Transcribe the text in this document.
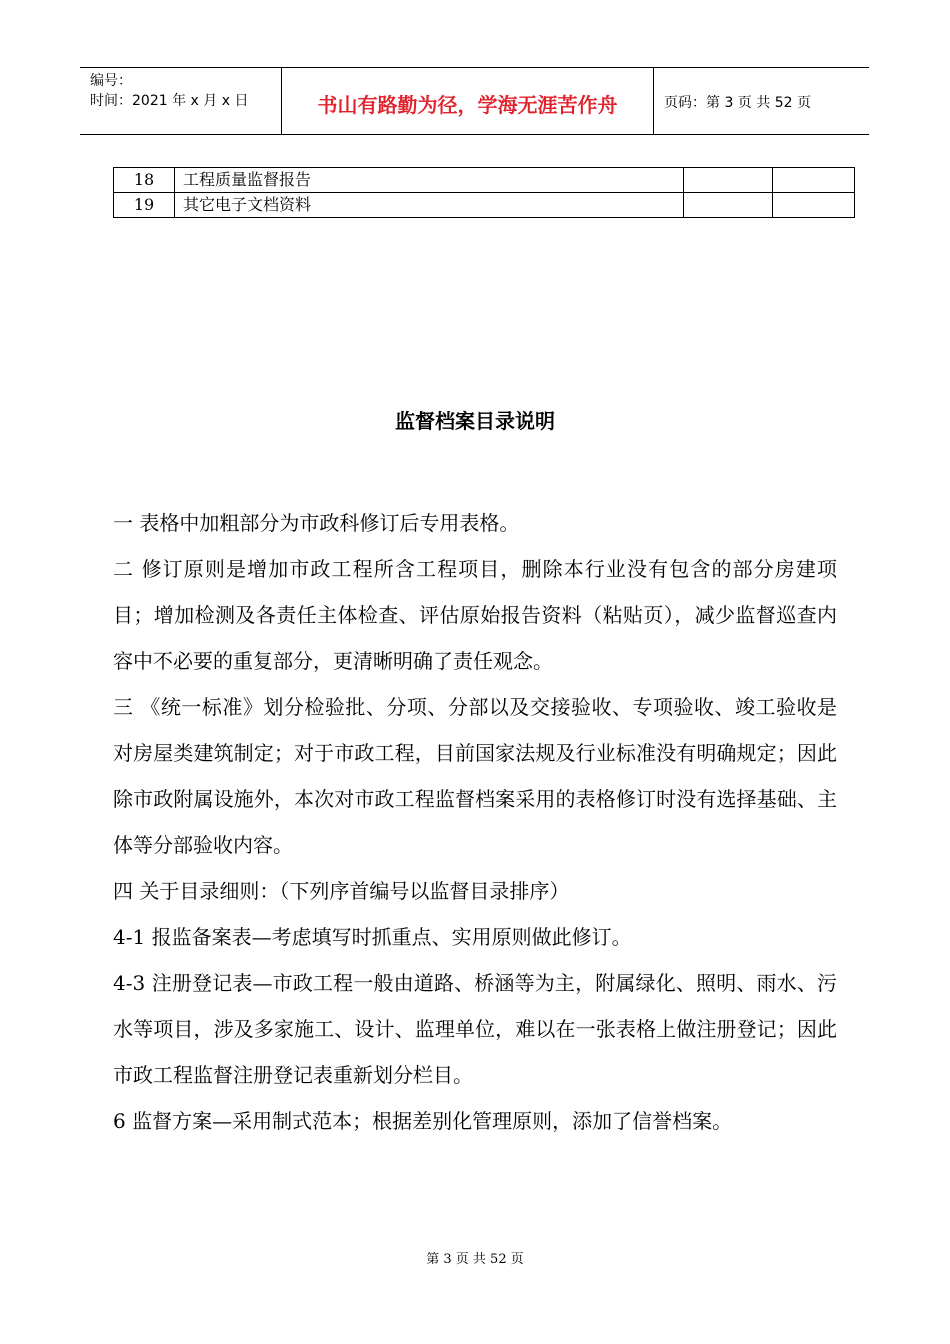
编号：
时间：2021 年 x 月 x 日	书山有路勤为径，学海无涯苦作舟	页码：第 3 页 共 52 页
18	工程质量监督报告		
19	其它电子文档资料		
监督档案目录说明

一 表格中加粗部分为市政科修订后专用表格。

二 修订原则是增加市政工程所含工程项目，删除本行业没有包含的部分房建项目；增加检测及各责任主体检查、评估原始报告资料（粘贴页），减少监督巡查内容中不必要的重复部分，更清晰明确了责任观念。

三 《统一标准》划分检验批、分项、分部以及交接验收、专项验收、竣工验收是对房屋类建筑制定；对于市政工程，目前国家法规及行业标准没有明确规定；因此除市政附属设施外，本次对市政工程监督档案采用的表格修订时没有选择基础、主体等分部验收内容。

四 关于目录细则：（下列序首编号以监督目录排序）

4-1 报监备案表—考虑填写时抓重点、实用原则做此修订。

4-3 注册登记表—市政工程一般由道路、桥涵等为主，附属绿化、照明、雨水、污水等项目，涉及多家施工、设计、监理单位，难以在一张表格上做注册登记；因此市政工程监督注册登记表重新划分栏目。

6 监督方案—采用制式范本；根据差别化管理原则，添加了信誉档案。

第 3 页 共 52 页
